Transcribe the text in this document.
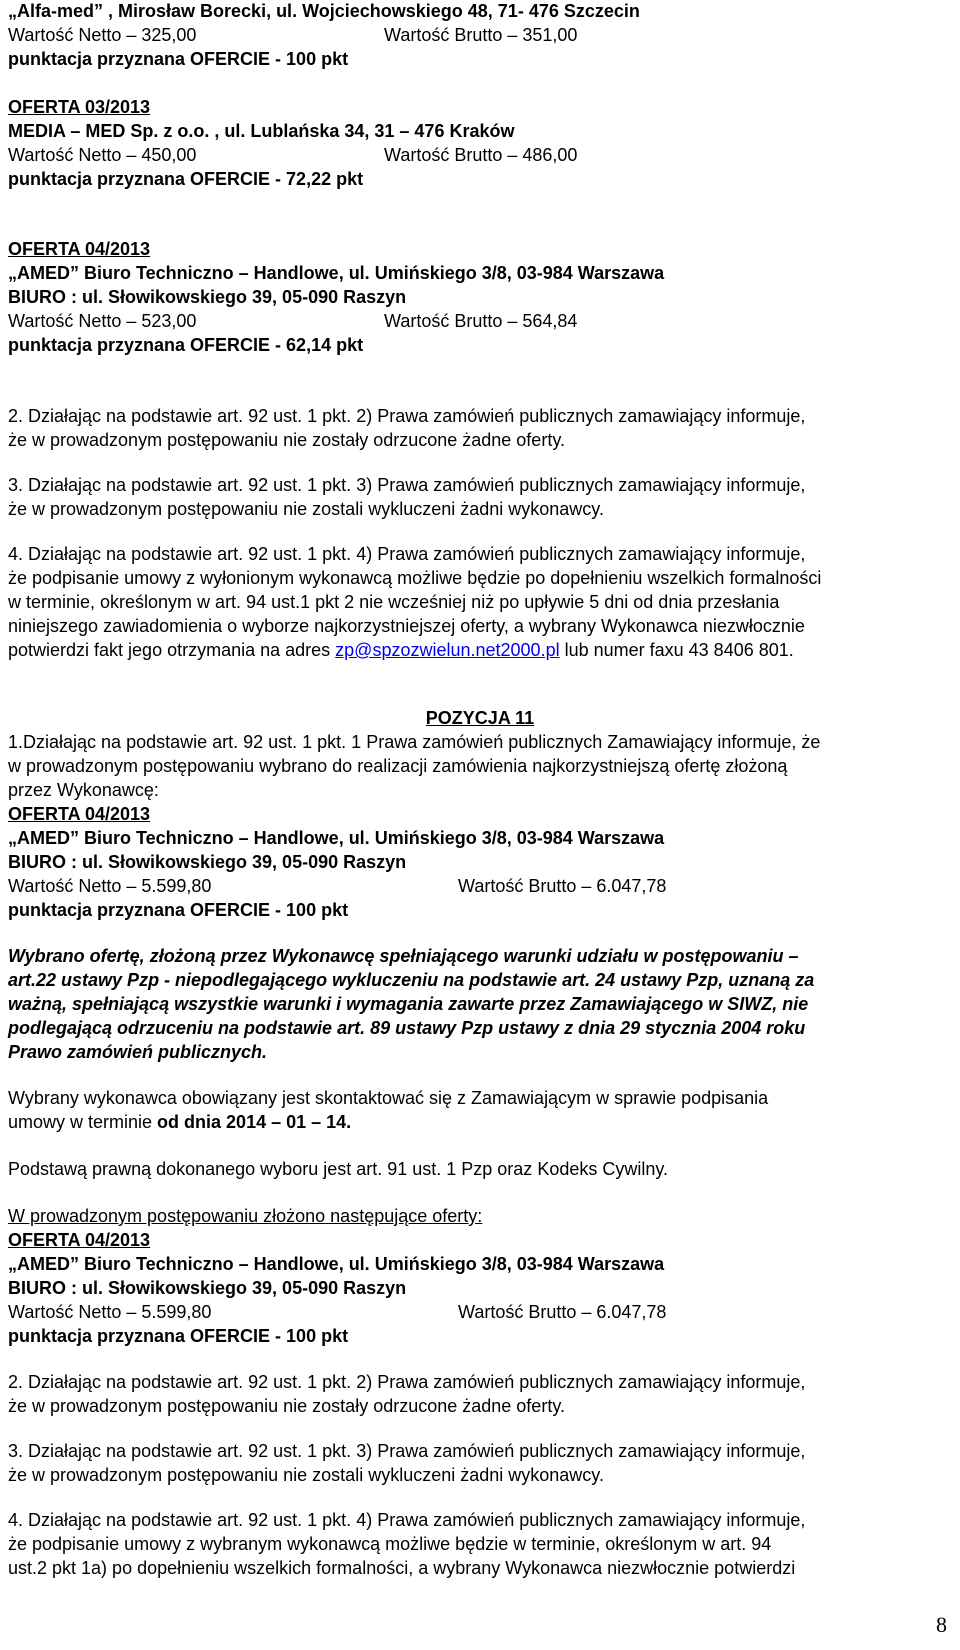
„Alfa-med” , Mirosław Borecki, ul. Wojciechowskiego 48, 71- 476 Szczecin
Wartość Netto – 325,00	Wartość Brutto – 351,00
punktacja przyznana OFERCIE - 100 pkt
OFERTA 03/2013
MEDIA – MED Sp. z o.o. , ul. Lublańska 34, 31 – 476 Kraków
Wartość Netto – 450,00	Wartość Brutto – 486,00
punktacja przyznana OFERCIE - 72,22 pkt
OFERTA 04/2013
„AMED” Biuro Techniczno – Handlowe, ul. Umińskiego 3/8, 03-984 Warszawa
BIURO : ul. Słowikowskiego 39, 05-090 Raszyn
Wartość Netto – 523,00	Wartość Brutto – 564,84
punktacja przyznana OFERCIE - 62,14 pkt
2. Działając na podstawie art. 92 ust. 1 pkt. 2) Prawa zamówień publicznych zamawiający informuje,
że w prowadzonym postępowaniu nie zostały odrzucone żadne oferty.
3. Działając na podstawie art. 92 ust. 1 pkt. 3) Prawa zamówień publicznych zamawiający informuje,
że w prowadzonym postępowaniu nie zostali wykluczeni żadni wykonawcy.
4. Działając na podstawie art. 92 ust. 1 pkt. 4) Prawa zamówień publicznych zamawiający informuje,
że podpisanie umowy z wyłonionym wykonawcą możliwe będzie po dopełnieniu wszelkich formalności
w terminie, określonym w art. 94 ust.1 pkt 2 nie wcześniej niż po upływie 5 dni od dnia przesłania
niniejszego zawiadomienia o wyborze najkorzystniejszej oferty, a wybrany Wykonawca niezwłocznie
potwierdzi fakt jego otrzymania na adres zp@spzozwielun.net2000.pl lub numer faxu 43 8406 801.
POZYCJA 11
1.Działając na podstawie art. 92 ust. 1 pkt. 1 Prawa zamówień publicznych Zamawiający informuje, że
w prowadzonym postępowaniu wybrano do realizacji zamówienia najkorzystniejszą ofertę złożoną
przez Wykonawcę:
OFERTA 04/2013
„AMED” Biuro Techniczno – Handlowe, ul. Umińskiego 3/8, 03-984 Warszawa
BIURO : ul. Słowikowskiego 39, 05-090 Raszyn
Wartość Netto – 5.599,80	Wartość Brutto – 6.047,78
punktacja przyznana OFERCIE - 100 pkt
Wybrano ofertę, złożoną przez Wykonawcę spełniającego warunki udziału w postępowaniu –
art.22 ustawy Pzp - niepodlegającego wykluczeniu na podstawie art. 24 ustawy Pzp, uznaną za
ważną, spełniającą wszystkie warunki i wymagania zawarte przez Zamawiającego w SIWZ, nie
podlegającą odrzuceniu na podstawie art. 89 ustawy Pzp ustawy z dnia 29 stycznia 2004 roku
Prawo zamówień publicznych.
Wybrany wykonawca obowiązany jest skontaktować się z Zamawiającym w sprawie podpisania
umowy w terminie od dnia 2014 – 01 – 14.
Podstawą prawną dokonanego wyboru jest art. 91 ust. 1 Pzp oraz Kodeks Cywilny.
W prowadzonym postępowaniu złożono następujące oferty:
OFERTA 04/2013
„AMED” Biuro Techniczno – Handlowe, ul. Umińskiego 3/8, 03-984 Warszawa
BIURO : ul. Słowikowskiego 39, 05-090 Raszyn
Wartość Netto – 5.599,80	Wartość Brutto – 6.047,78
punktacja przyznana OFERCIE - 100 pkt
2. Działając na podstawie art. 92 ust. 1 pkt. 2) Prawa zamówień publicznych zamawiający informuje,
że w prowadzonym postępowaniu nie zostały odrzucone żadne oferty.
3. Działając na podstawie art. 92 ust. 1 pkt. 3) Prawa zamówień publicznych zamawiający informuje,
że w prowadzonym postępowaniu nie zostali wykluczeni żadni wykonawcy.
4. Działając na podstawie art. 92 ust. 1 pkt. 4) Prawa zamówień publicznych zamawiający informuje,
że podpisanie umowy z wybranym wykonawcą możliwe będzie w terminie, określonym w art. 94
ust.2 pkt 1a) po dopełnieniu wszelkich formalności, a wybrany Wykonawca niezwłocznie potwierdzi
8
